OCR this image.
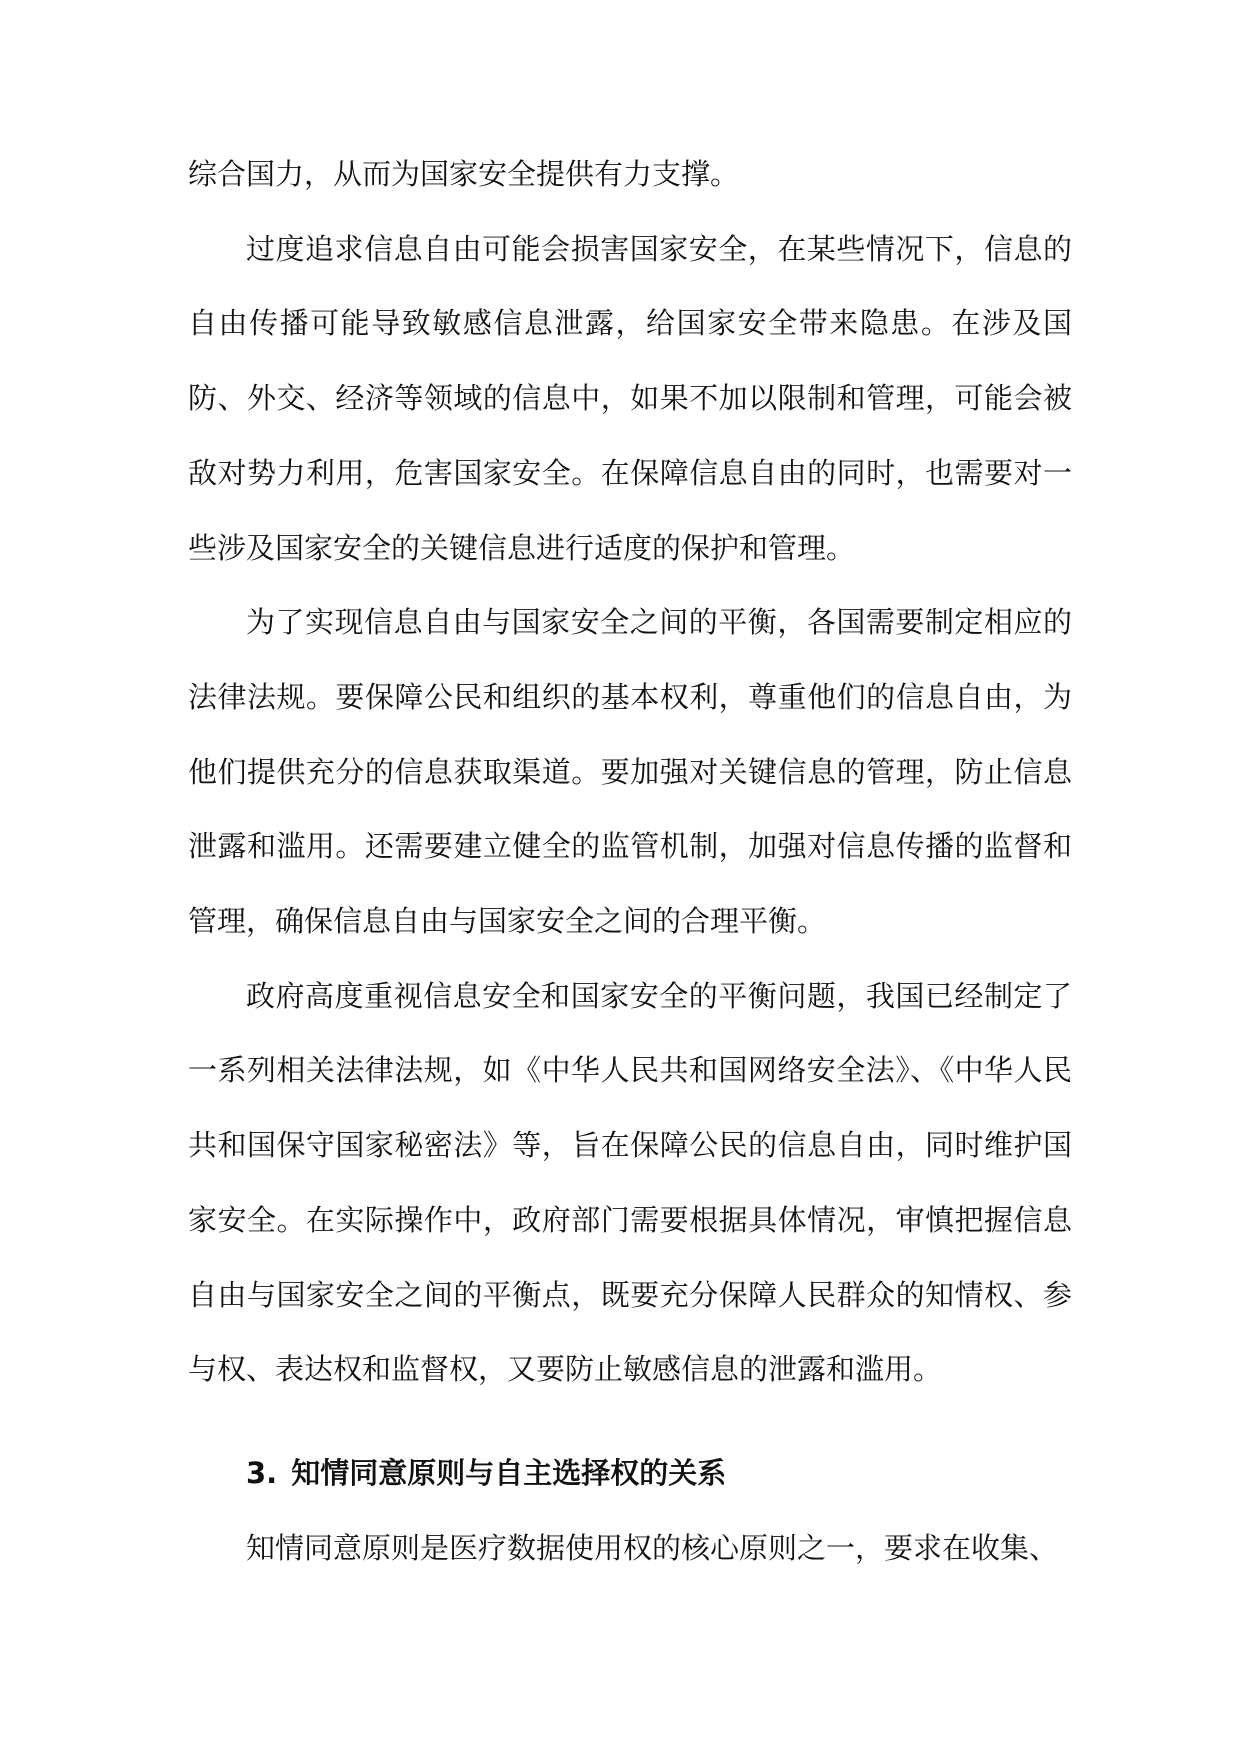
综合国力，从而为国家安全提供有力支撑。

过度追求信息自由可能会损害国家安全，在某些情况下，信息的自由传播可能导致敏感信息泄露，给国家安全带来隐患。在涉及国防、外交、经济等领域的信息中，如果不加以限制和管理，可能会被敌对势力利用，危害国家安全。在保障信息自由的同时，也需要对一些涉及国家安全的关键信息进行适度的保护和管理。

为了实现信息自由与国家安全之间的平衡，各国需要制定相应的法律法规。要保障公民和组织的基本权利，尊重他们的信息自由，为他们提供充分的信息获取渠道。要加强对关键信息的管理，防止信息泄露和滥用。还需要建立健全的监管机制，加强对信息传播的监督和管理，确保信息自由与国家安全之间的合理平衡。

政府高度重视信息安全和国家安全的平衡问题，我国已经制定了一系列相关法律法规，如《中华人民共和国网络安全法》、《中华人民共和国保守国家秘密法》等，旨在保障公民的信息自由，同时维护国家安全。在实际操作中，政府部门需要根据具体情况，审慎把握信息自由与国家安全之间的平衡点，既要充分保障人民群众的知情权、参与权、表达权和监督权，又要防止敏感信息的泄露和滥用。

3. 知情同意原则与自主选择权的关系

知情同意原则是医疗数据使用权的核心原则之一，要求在收集、
